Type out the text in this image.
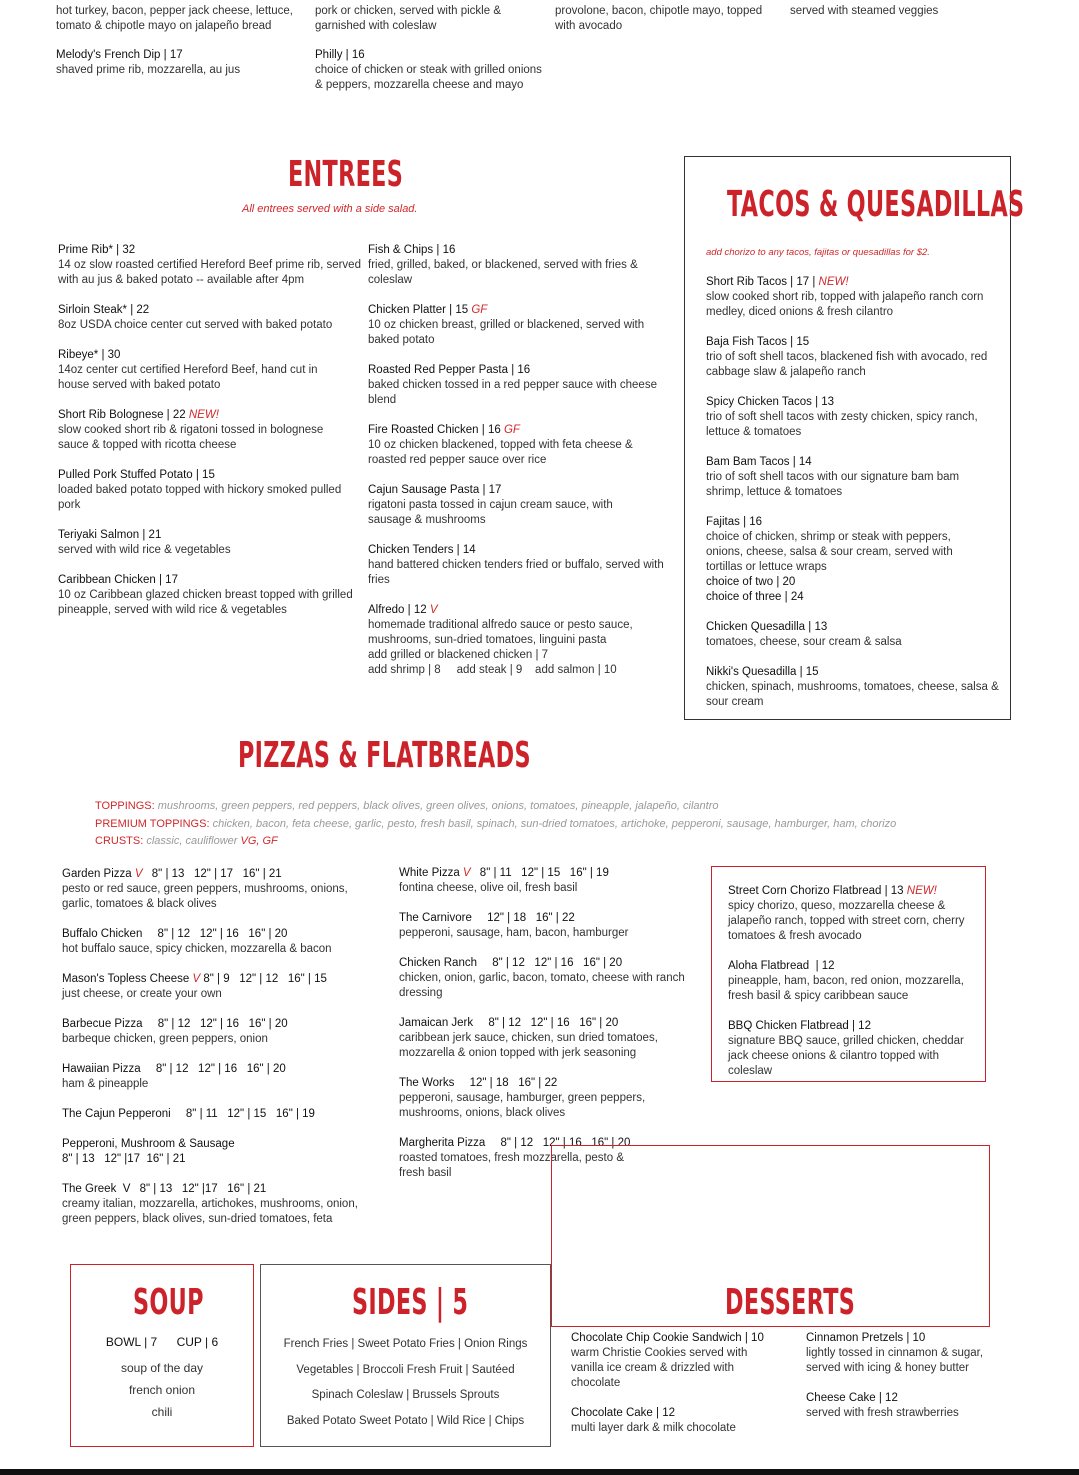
hot turkey, bacon, pepper jack cheese, lettuce,
tomato & chipotle mayo on jalapeño bread
pork or chicken, served with pickle &
garnished with coleslaw
provolone, bacon, chipotle mayo, topped
with avocado
served with steamed veggies
Melody's French Dip | 17
shaved prime rib, mozzarella, au jus
Philly | 16
choice of chicken or steak with grilled onions & peppers, mozzarella cheese and mayo
ENTREES
All entrees served with a side salad.
Prime Rib* | 32
14 oz slow roasted certified Hereford Beef prime rib, served with au jus & baked potato -- available after 4pm
Sirloin Steak* | 22
8oz USDA choice center cut served with baked potato
Ribeye* | 30
14oz center cut certified Hereford Beef, hand cut in house served with baked potato
Short Rib Bolognese | 22 NEW!
slow cooked short rib & rigatoni tossed in bolognese sauce & topped with ricotta cheese
Pulled Pork Stuffed Potato | 15
loaded baked potato topped with hickory smoked pulled pork
Teriyaki Salmon | 21
served with wild rice & vegetables
Caribbean Chicken | 17
10 oz Caribbean glazed chicken breast topped with grilled pineapple, served with wild rice & vegetables
Fish & Chips | 16
fried, grilled, baked, or blackened, served with fries & coleslaw
Chicken Platter | 15 GF
10 oz chicken breast, grilled or blackened, served with baked potato
Roasted Red Pepper Pasta | 16
baked chicken tossed in a red pepper sauce with cheese blend
Fire Roasted Chicken | 16 GF
10 oz chicken blackened, topped with feta cheese & roasted red pepper sauce over rice
Cajun Sausage Pasta | 17
rigatoni pasta tossed in cajun cream sauce, with sausage & mushrooms
Chicken Tenders | 14
hand battered chicken tenders fried or buffalo, served with fries
Alfredo | 12 V
homemade traditional alfredo sauce or pesto sauce, mushrooms, sun-dried tomatoes, linguini pasta
add grilled or blackened chicken | 7
add shrimp | 8     add steak | 9    add salmon | 10
TACOS & QUESADILLAS
add chorizo to any tacos, fajitas or quesadillas for $2.
Short Rib Tacos | 17 | NEW!
slow cooked short rib, topped with jalapeño ranch corn medley, diced onions & fresh cilantro
Baja Fish Tacos | 15
trio of soft shell tacos, blackened fish with avocado, red cabbage slaw & jalapeño ranch
Spicy Chicken Tacos | 13
trio of soft shell tacos with zesty chicken, spicy ranch, lettuce & tomatoes
Bam Bam Tacos | 14
trio of soft shell tacos with our signature bam bam shrimp, lettuce & tomatoes
Fajitas | 16
choice of chicken, shrimp or steak with peppers, onions, cheese, salsa & sour cream, served with tortillas or lettuce wraps
choice of two | 20
choice of three | 24
Chicken Quesadilla | 13
tomatoes, cheese, sour cream & salsa
Nikki's Quesadilla | 15
chicken, spinach, mushrooms, tomatoes, cheese, salsa & sour cream
PIZZAS & FLATBREADS
TOPPINGS: mushrooms, green peppers, red peppers, black olives, green olives, onions, tomatoes, pineapple, jalapeño, cilantro
PREMIUM TOPPINGS: chicken, bacon, feta cheese, garlic, pesto, fresh basil, spinach, sun-dried tomatoes, artichoke, pepperoni, sausage, hamburger, ham, chorizo
CRUSTS: classic, cauliflower VG, GF
Garden Pizza V 8" | 13   12" | 17   16" | 21
pesto or red sauce, green peppers, mushrooms, onions, garlic, tomatoes & black olives
Buffalo Chicken 8" | 12   12" | 16   16" | 20
hot buffalo sauce, spicy chicken, mozzarella & bacon
Mason's Topless Cheese V 8" | 9   12" | 12   16" | 15
just cheese, or create your own
Barbecue Pizza 8" | 12   12" | 16   16" | 20
barbeque chicken, green peppers, onion
Hawaiian Pizza 8" | 12   12" | 16   16" | 20
ham & pineapple
The Cajun Pepperoni 8" | 11   12" | 15   16" | 19
Pepperoni, Mushroom & Sausage
8" | 13   12" |17  16" | 21
The Greek  V 8" | 13   12" |17   16" | 21
creamy italian, mozzarella, artichokes, mushrooms, onion, green peppers, black olives, sun-dried tomatoes, feta
White Pizza V 8" | 11   12" | 15   16" | 19
fontina cheese, olive oil, fresh basil
The Carnivore 12" | 18   16" | 22
pepperoni, sausage, ham, bacon, hamburger
Chicken Ranch 8" | 12   12" | 16   16" | 20
chicken, onion, garlic, bacon, tomato, cheese with ranch dressing
Jamaican Jerk 8" | 12   12" | 16   16" | 20
caribbean jerk sauce, chicken, sun dried tomatoes, mozzarella & onion topped with jerk seasoning
The Works 12" | 18   16" | 22
pepperoni, sausage, hamburger, green peppers, mushrooms, onions, black olives
Margherita Pizza 8" | 12   12" | 16   16" | 20
roasted tomatoes, fresh mozzarella, pesto & fresh basil
Street Corn Chorizo Flatbread | 13 NEW!
spicy chorizo, queso, mozzarella cheese & jalapeño ranch, topped with street corn, cherry tomatoes & fresh avocado
Aloha Flatbread  | 12
pineapple, ham, bacon, red onion, mozzarella, fresh basil & spicy caribbean sauce
BBQ Chicken Flatbread | 12
signature BBQ sauce, grilled chicken, cheddar jack cheese onions & cilantro topped with
coleslaw
SOUP
BOWL | 7 CUP | 6
soup of the day
french onion
chili
SIDES | 5
French Fries | Sweet Potato Fries | Onion Rings
Vegetables | Broccoli Fresh Fruit | Sautéed
Spinach Coleslaw | Brussels Sprouts
Baked Potato Sweet Potato | Wild Rice | Chips
DESSERTS
Chocolate Chip Cookie Sandwich | 10
warm Christie Cookies served with vanilla ice cream & drizzled with chocolate
Chocolate Cake | 12
multi layer dark & milk chocolate
Cinnamon Pretzels | 10
lightly tossed in cinnamon & sugar, served with icing & honey butter
Cheese Cake | 12
served with fresh strawberries
